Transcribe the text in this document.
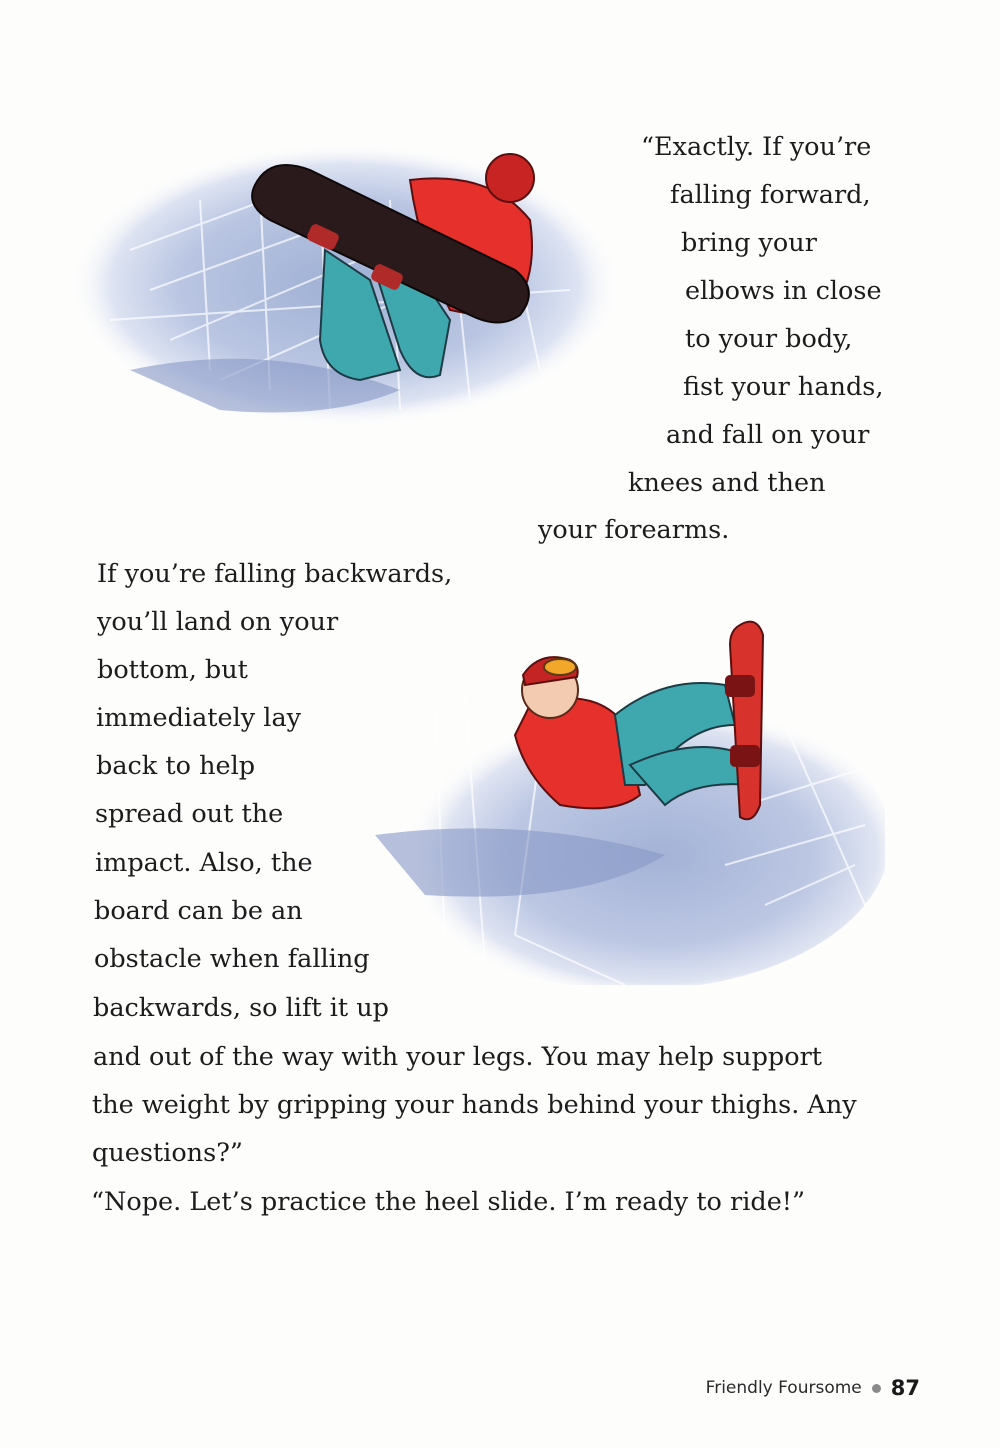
“Exactly. If you’re
falling forward,
bring your
elbows in close
to your body,
fist your hands,
and fall on your
knees and then
your forearms.
If you’re falling backwards,
you’ll land on your
bottom, but
immediately lay
back to help
spread out the
impact. Also, the
board can be an
obstacle when falling
backwards, so lift it up
and out of the way with your legs. You may help support
the weight by gripping your hands behind your thighs. Any
questions?”
“Nope. Let’s practice the heel slide. I’m ready to ride!”
Friendly Foursome 87
